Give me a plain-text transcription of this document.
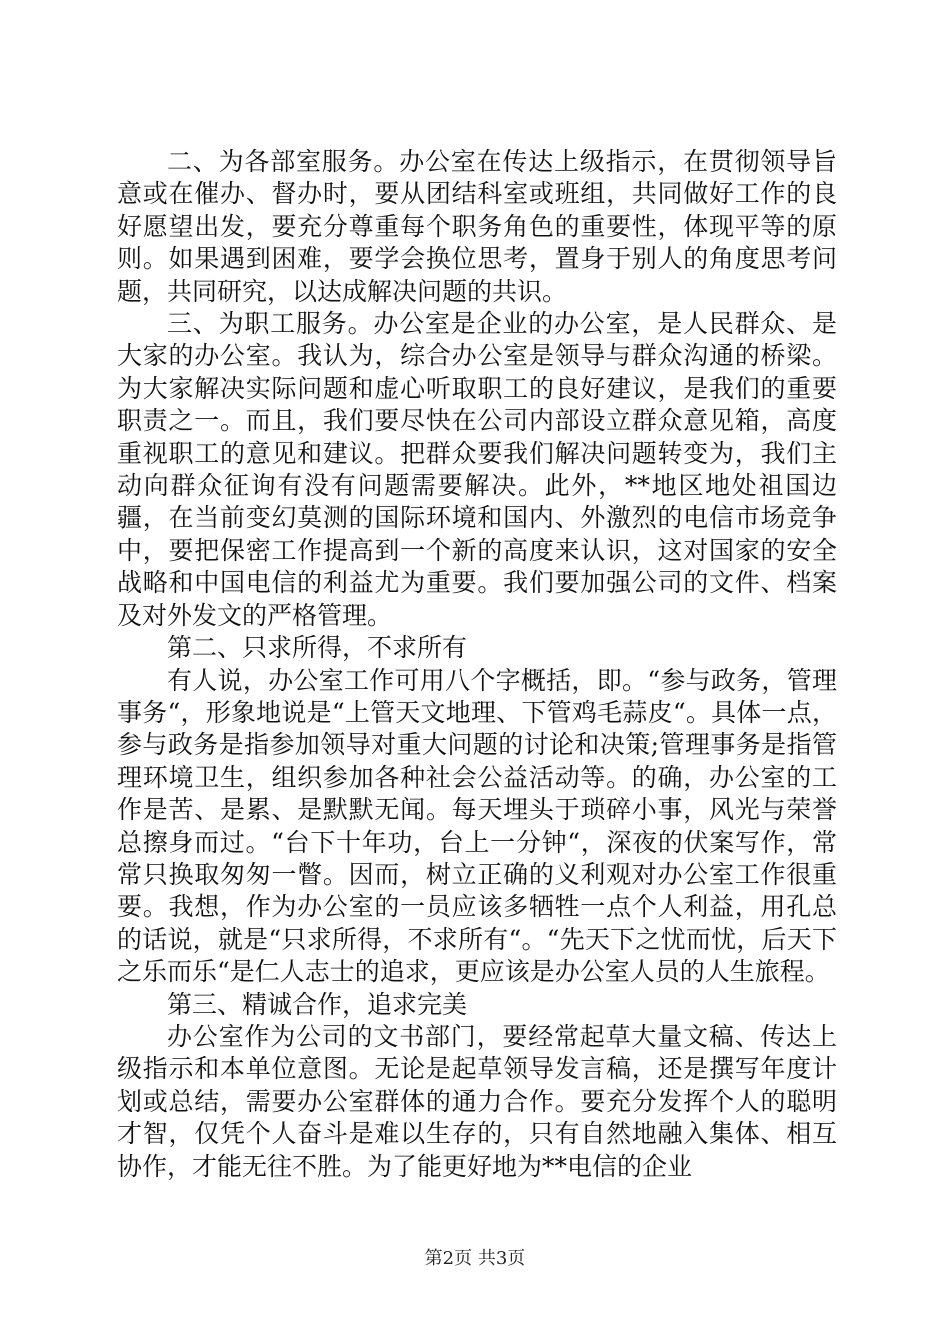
二、为各部室服务。办公室在传达上级指示，在贯彻领导旨意或在催办、督办时，要从团结科室或班组，共同做好工作的良好愿望出发，要充分尊重每个职务角色的重要性，体现平等的原则。如果遇到困难，要学会换位思考，置身于别人的角度思考问题，共同研究，以达成解决问题的共识。

三、为职工服务。办公室是企业的办公室，是人民群众、是大家的办公室。我认为，综合办公室是领导与群众沟通的桥梁。为大家解决实际问题和虚心听取职工的良好建议，是我们的重要职责之一。而且，我们要尽快在公司内部设立群众意见箱，高度重视职工的意见和建议。把群众要我们解决问题转变为，我们主动向群众征询有没有问题需要解决。此外，**地区地处祖国边疆，在当前变幻莫测的国际环境和国内、外激烈的电信市场竞争中，要把保密工作提高到一个新的高度来认识，这对国家的安全战略和中国电信的利益尤为重要。我们要加强公司的文件、档案及对外发文的严格管理。

第二、只求所得，不求所有

有人说，办公室工作可用八个字概括，即。“参与政务，管理事务“，形象地说是“上管天文地理、下管鸡毛蒜皮“。具体一点，参与政务是指参加领导对重大问题的讨论和决策;管理事务是指管理环境卫生，组织参加各种社会公益活动等。的确，办公室的工作是苦、是累、是默默无闻。每天埋头于琐碎小事，风光与荣誉总擦身而过。“台下十年功，台上一分钟“，深夜的伏案写作，常常只换取匆匆一瞥。因而，树立正确的义利观对办公室工作很重要。我想，作为办公室的一员应该多牺牲一点个人利益，用孔总的话说，就是“只求所得，不求所有“。“先天下之忧而忧，后天下之乐而乐“是仁人志士的追求，更应该是办公室人员的人生旅程。

第三、精诚合作，追求完美

办公室作为公司的文书部门，要经常起草大量文稿、传达上级指示和本单位意图。无论是起草领导发言稿，还是撰写年度计划或总结，需要办公室群体的通力合作。要充分发挥个人的聪明才智，仅凭个人奋斗是难以生存的，只有自然地融入集体、相互协作，才能无往不胜。为了能更好地为**电信的企业

第2页 共3页
